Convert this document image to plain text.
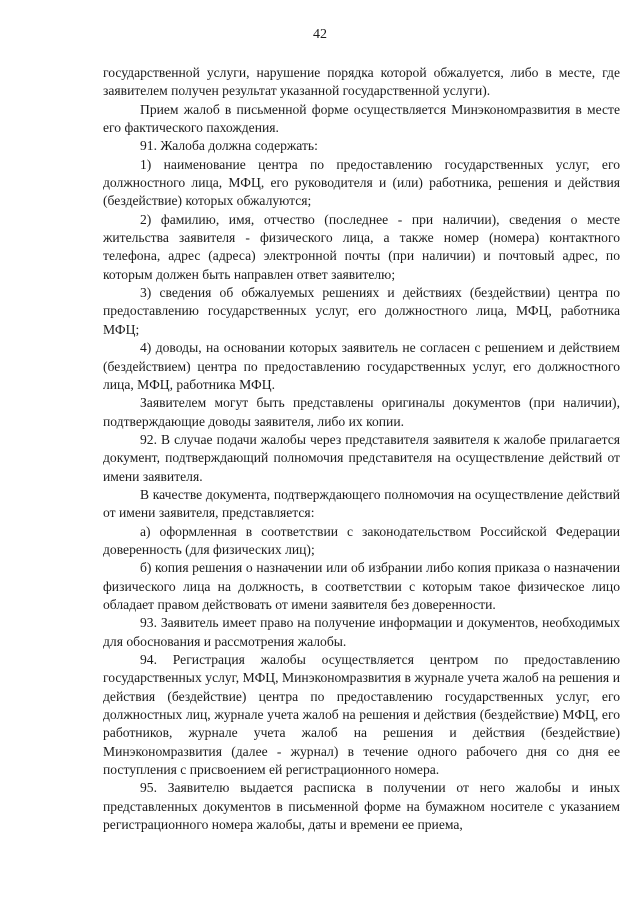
42

государственной услуги, нарушение порядка которой обжалуется, либо в месте, где заявителем получен результат указанной государственной услуги).

Прием жалоб в письменной форме осуществляется Минэкономразвития в месте его фактического пахождения.

91. Жалоба должна содержать:

1) наименование центра по предоставлению государственных услуг, его должностного лица, МФЦ, его руководителя и (или) работника, решения и действия (бездействие) которых обжалуются;

2) фамилию, имя, отчество (последнее - при наличии), сведения о месте жительства заявителя - физического лица, а также номер (номера) контактного телефона, адрес (адреса) электронной почты (при наличии) и почтовый адрес, по которым должен быть направлен ответ заявителю;

3) сведения об обжалуемых решениях и действиях (бездействии) центра по предоставлению государственных услуг, его должностного лица, МФЦ, работника МФЦ;

4) доводы, на основании которых заявитель не согласен с решением и действием (бездействием) центра по предоставлению государственных услуг, его должностного лица, МФЦ, работника МФЦ.

Заявителем могут быть представлены оригиналы документов (при наличии), подтверждающие доводы заявителя, либо их копии.

92. В случае подачи жалобы через представителя заявителя к жалобе прилагается документ, подтверждающий полномочия представителя на осуществление действий от имени заявителя.

В качестве документа, подтверждающего полномочия на осуществление действий от имени заявителя, представляется:

а) оформленная в соответствии с законодательством Российской Федерации доверенность (для физических лиц);

б) копия решения о назначении или об избрании либо копия приказа о назначении физического лица на должность, в соответствии с которым такое физическое лицо обладает правом действовать от имени заявителя без доверенности.

93. Заявитель имеет право на получение информации и документов, необходимых для обоснования и рассмотрения жалобы.

94. Регистрация жалобы осуществляется центром по предоставлению государственных услуг, МФЦ, Минэкономразвития в журнале учета жалоб на решения и действия (бездействие) центра по предоставлению государственных услуг, его должностных лиц, журнале учета жалоб на решения и действия (бездействие) МФЦ, его работников, журнале учета жалоб на решения и действия (бездействие) Минэкономразвития (далее - журнал) в течение одного рабочего дня со дня ее поступления с присвоением ей регистрационного номера.

95. Заявителю выдается расписка в получении от него жалобы и иных представленных документов в письменной форме на бумажном носителе с указанием регистрационного номера жалобы, даты и времени ее приема,
